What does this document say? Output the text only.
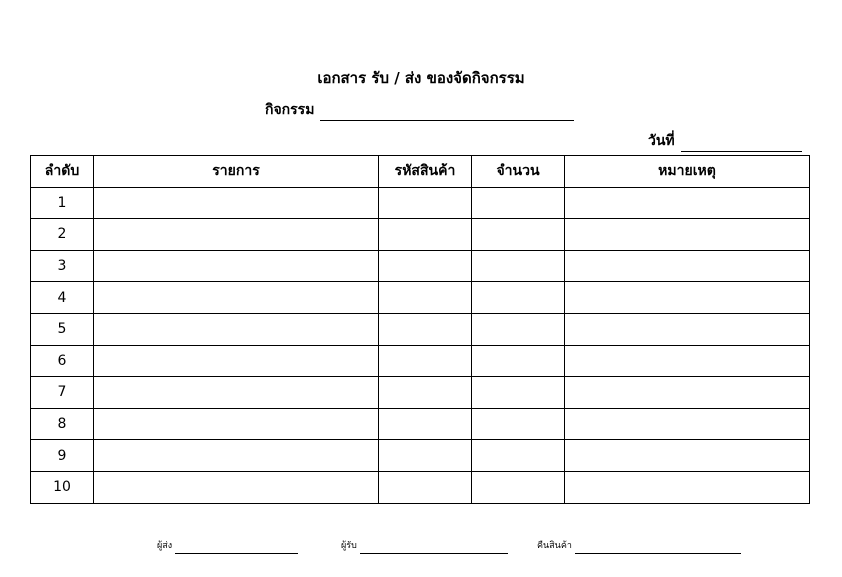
เอกสาร รับ / ส่ง ของจัดกิจกรรม
กิจกรรม
วันที่
ลำดับ	รายการ	รหัสสินค้า	จำนวน	หมายเหตุ
1				
2				
3				
4				
5				
6				
7				
8				
9				
10				
ผู้ส่ง	ผู้รับ	คืนสินค้า
